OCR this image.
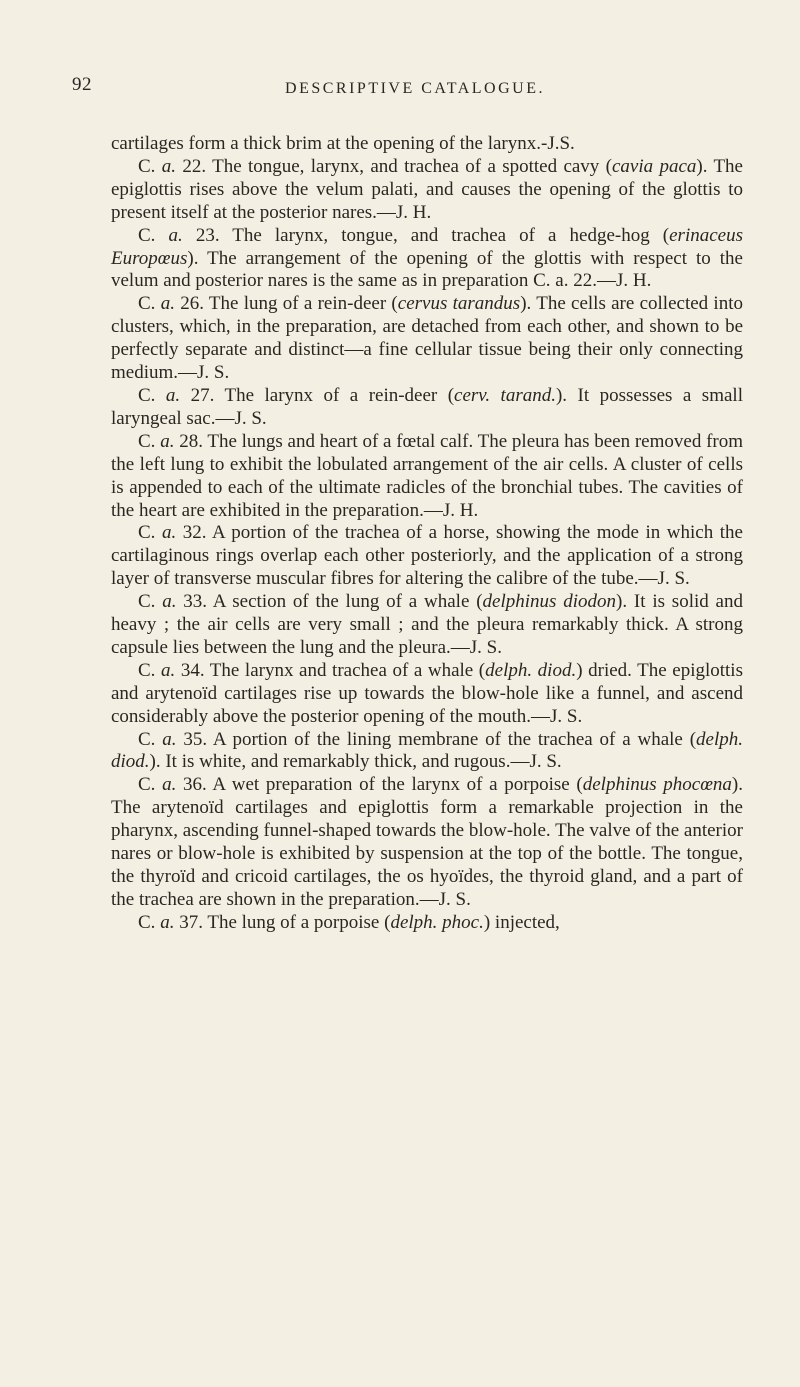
92	DESCRIPTIVE CATALOGUE.

cartilages form a thick brim at the opening of the larynx.-J.S.

C. a. 22. The tongue, larynx, and trachea of a spotted cavy (cavia paca). The epiglottis rises above the velum palati, and causes the opening of the glottis to present itself at the posterior nares.—J. H.

C. a. 23. The larynx, tongue, and trachea of a hedge-hog (erinaceus Europœus). The arrangement of the opening of the glottis with respect to the velum and posterior nares is the same as in preparation C. a. 22.—J. H.

C. a. 26. The lung of a rein-deer (cervus tarandus). The cells are collected into clusters, which, in the preparation, are detached from each other, and shown to be perfectly separate and distinct—a fine cellular tissue being their only connecting medium.—J. S.

C. a. 27. The larynx of a rein-deer (cerv. tarand.). It possesses a small laryngeal sac.—J. S.

C. a. 28. The lungs and heart of a fœtal calf. The pleura has been removed from the left lung to exhibit the lobulated arrangement of the air cells. A cluster of cells is appended to each of the ultimate radicles of the bronchial tubes. The cavities of the heart are exhibited in the preparation.—J. H.

C. a. 32. A portion of the trachea of a horse, showing the mode in which the cartilaginous rings overlap each other posteriorly, and the application of a strong layer of transverse muscular fibres for altering the calibre of the tube.—J. S.

C. a. 33. A section of the lung of a whale (delphinus diodon). It is solid and heavy ; the air cells are very small ; and the pleura remarkably thick. A strong capsule lies between the lung and the pleura.—J. S.

C. a. 34. The larynx and trachea of a whale (delph. diod.) dried. The epiglottis and arytenoïd cartilages rise up towards the blow-hole like a funnel, and ascend considerably above the posterior opening of the mouth.—J. S.

C. a. 35. A portion of the lining membrane of the trachea of a whale (delph. diod.). It is white, and remarkably thick, and rugous.—J. S.

C. a. 36. A wet preparation of the larynx of a porpoise (delphinus phocœna). The arytenoïd cartilages and epiglottis form a remarkable projection in the pharynx, ascending funnel-shaped towards the blow-hole. The valve of the anterior nares or blow-hole is exhibited by suspension at the top of the bottle. The tongue, the thyroïd and cricoid cartilages, the os hyoïdes, the thyroid gland, and a part of the trachea are shown in the preparation.—J. S.

C. a. 37. The lung of a porpoise (delph. phoc.) injected,
